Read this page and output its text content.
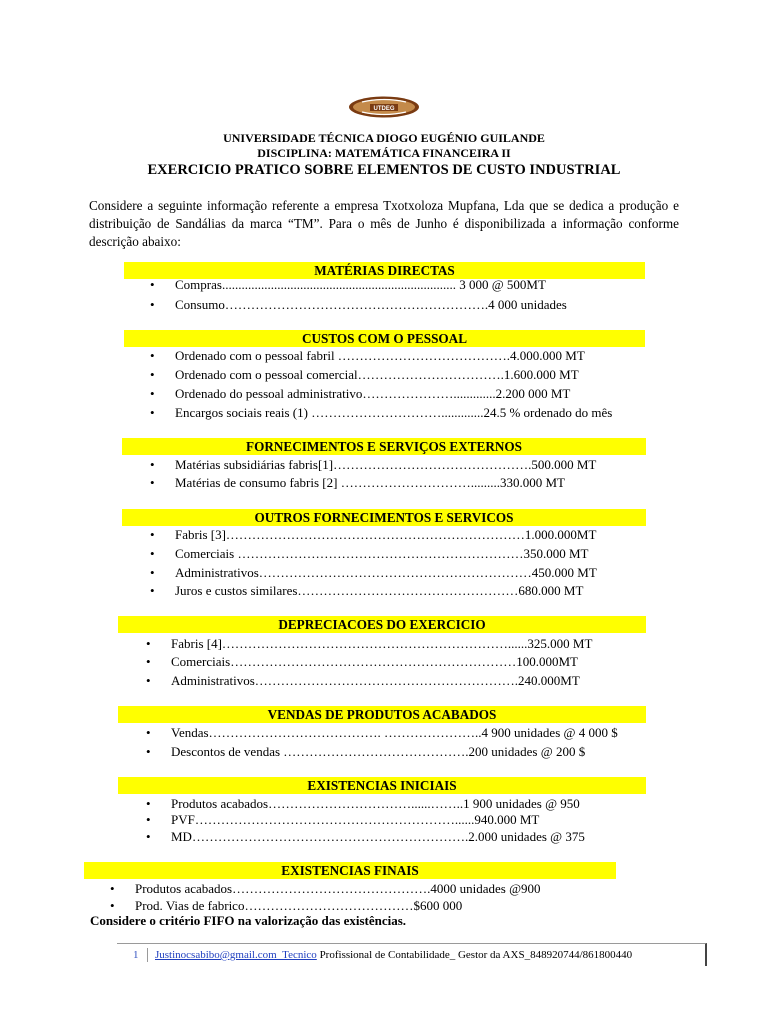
UTDEG
UNIVERSIDADE TÉCNICA DIOGO EUGÉNIO GUILANDE
DISCIPLINA: MATEMÁTICA FINANCEIRA II
EXERCICIO PRATICO SOBRE ELEMENTOS DE CUSTO INDUSTRIAL
Considere a seguinte informação referente a empresa Txotxoloza Mupfana, Lda que se dedica a produção e distribuição de Sandálias da marca “TM”. Para o mês de Junho é disponibilizada a informação conforme descrição abaixo:
MATÉRIAS DIRECTAS
• Compras........................................................................ 3 000 @ 500MT
• Consumo…………………………………………………….4 000 unidades
CUSTOS COM O PESSOAL
• Ordenado com o pessoal fabril ………………………………….4.000.000 MT
• Ordenado com o pessoal comercial…………………………….1.600.000 MT
• Ordenado do pessoal administrativo………………….............2.200 000 MT
• Encargos sociais reais (1) ………………………….............24.5 % ordenado do mês
FORNECIMENTOS E SERVIÇOS EXTERNOS
• Matérias subsidiárias fabris[1]……………………………………….500.000 MT
• Matérias de consumo fabris [2] ………………………….........330.000 MT
OUTROS FORNECIMENTOS E SERVICOS
• Fabris [3]……………………………………………………………1.000.000MT
• Comerciais …………………………………………………………350.000 MT
• Administrativos………………………………………………………450.000 MT
• Juros e custos similares……………………………………………680.000 MT
DEPRECIACOES DO EXERCICIO
• Fabris [4]…………………………………………………………......325.000 MT
• Comerciais…………………………………………………………100.000MT
• Administrativos…………………………………………………….240.000MT
VENDAS DE PRODUTOS ACABADOS
• Vendas…………………………………. …………………..4 900 unidades @ 4 000 $
• Descontos de vendas …………………………………….200 unidades @ 200 $
EXISTENCIAS INICIAIS
• Produtos acabados……………………………......……..1 900 unidades @ 950
• PVF……………………………………………………......940.000 MT
• MD……………………………………………………….2.000 unidades @ 375
EXISTENCIAS FINAIS
• Produtos acabados……………………………………….4000 unidades @900
• Prod. Vias de fabrico…………………………………$600 000
Considere o critério FIFO na valorização das existências.
1 Justinocsabibo@gmail.com_Tecnico Profissional de Contabilidade_ Gestor da AXS_848920744/861800440
